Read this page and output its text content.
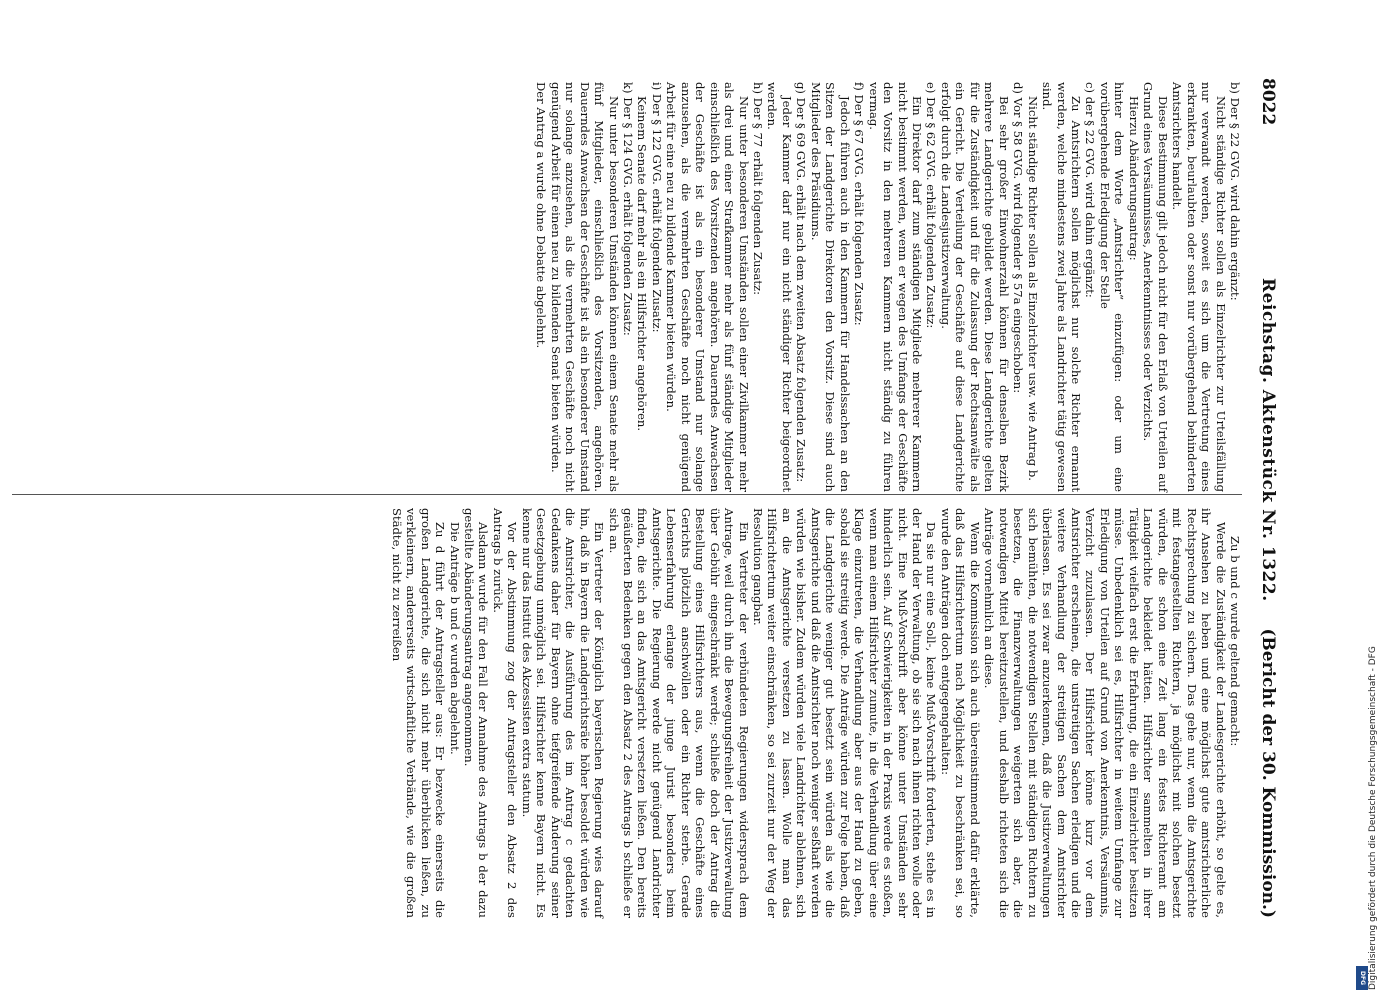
8022
Reichstag. Aktenstück Nr. 1322.
(Bericht der 30. Kommission.)

b) Der § 22 GVG. wird dahin ergänzt:

Nicht ständige Richter sollen als Einzelrichter zur Urteilsfällung nur verwandt werden, soweit es sich um die Vertretung eines erkrankten, beurlaubten oder sonst nur vorübergehend behinderten Amtsrichters handelt.

Diese Bestimmung gilt jedoch nicht für den Erlaß von Urteilen auf Grund eines Versäumnisses, Anerkenntnisses oder Verzichts.

Hierzu Abänderungsantrag:

hinter dem Worte „Amtsrichter“ einzufügen: oder um eine vorübergehende Erledigung der Stelle

c) der § 22 GVG. wird dahin ergänzt:

Zu Amtsrichtern sollen möglichst nur solche Richter ernannt werden, welche mindestens zwei Jahre als Landrichter tätig gewesen sind.

Nicht ständige Richter sollen als Einzelrichter usw. wie Antrag b.

d) Vor § 58 GVG. wird folgender § 57a eingeschoben:

Bei sehr großer Einwohnerzahl können für denselben Bezirk mehrere Landgerichte gebildet werden. Diese Landgerichte gelten für die Zuständigkeit und für die Zulassung der Rechtsanwälte als ein Gericht. Die Verteilung der Geschäfte auf diese Landgerichte erfolgt durch die Landesjustizverwaltung.

e) Der § 62 GVG. erhält folgenden Zusatz:

Ein Direktor darf zum ständigen Mitgliede mehrerer Kammern nicht bestimmt werden, wenn er wegen des Umfangs der Geschäfte den Vorsitz in den mehreren Kammern nicht ständig zu führen vermag.

f) Der § 67 GVG. erhält folgenden Zusatz:

Jedoch führen auch in den Kammern für Handelssachen an den Sitzen der Landgerichte Direktoren den Vorsitz. Diese sind auch Mitglieder des Präsidiums.

g) Der § 69 GVG. erhält nach dem zweiten Absatz folgenden Zusatz:

Jeder Kammer darf nur ein nicht ständiger Richter beigeordnet werden.

h) Der § 77 erhält folgenden Zusatz:

Nur unter besonderen Umständen sollen einer Zivilkammer mehr als drei und einer Strafkammer mehr als fünf ständige Mitglieder einschließlich des Vorsitzenden angehören. Dauerndes Anwachsen der Geschäfte ist als ein besonderer Umstand nur solange anzusehen, als die vermehrten Geschäfte noch nicht genügend Arbeit für eine neu zu bildende Kammer bieten würden.

i) Der § 122 GVG. erhält folgenden Zusatz:

Keinem Senate darf mehr als ein Hilfsrichter angehören.

k) Der § 124 GVG. erhält folgenden Zusatz:

Nur unter besonderen Umständen können einem Senate mehr als fünf Mitglieder, einschließlich des Vorsitzenden, angehören. Dauerndes Anwachsen der Geschäfte ist als ein besonderer Umstand nur solange anzusehen, als die vermehrten Geschäfte noch nicht genügend Arbeit für einen neu zu bildenden Senat bieten würden.

Der Antrag a wurde ohne Debatte abgelehnt.

Zu b und c wurde geltend gemacht:

Werde die Zuständigkeit der Landesgerichte erhöht, so gelte es, ihr Ansehen zu heben und eine möglichst gute amtsrichterliche Rechtsprechung zu sichern. Das gehe nur, wenn die Amtsgerichte mit festangestellten Richtern, ja möglichst mit solchen besetzt würden, die schon eine Zeit lang ein festes Richteramt am Landgerichte bekleidet hätten. Hilfsrichter sammelten in ihrer Tätigkeit vielfach erst die Erfahrung, die ein Einzelrichter besitzen müsse. Unbedenklich sei es, Hilfsrichter in weitem Umfange zur Erledigung von Urteilen auf Grund von Anerkenntnis, Versäumnis, Verzicht zuzulassen. Der Hilfsrichter könne kurz vor dem Amtsrichter erscheinen, die unstreitigen Sachen erledigen und die weitere Verhandlung der streitigen Sachen dem Amtsrichter überlassen. Es sei zwar anzuerkennen, daß die Justizverwaltungen sich bemühten, die notwendigen Stellen mit ständigen Richtern zu besetzen, die Finanzverwaltungen weigerten sich aber, die notwendigen Mittel bereitzustellen, und deshalb richteten sich die Anträge vornehmlich an diese.

Wenn die Kommission sich auch übereinstimmend dafür erklärte, daß das Hilfsrichtertum nach Möglichkeit zu beschränken sei, so wurde den Anträgen doch entgegengehalten:

Da sie nur eine Soll-, keine Muß-Vorschrift forderten, stehe es in der Hand der Verwaltung, ob sie sich nach ihnen richten wolle oder nicht. Eine Muß-Vorschrift aber könne unter Umständen sehr hinderlich sein. Auf Schwierigkeiten in der Praxis werde es stoßen, wenn man einem Hilfsrichter zumute, in die Verhandlung über eine Klage einzutreten, die Verhandlung aber aus der Hand zu geben, sobald sie streitig werde. Die Anträge würden zur Folge haben, daß die Landgerichte weniger gut besetzt sein würden als wie die Amtsgerichte und daß die Amtsrichter noch weniger seßhaft werden würden wie bisher. Zudem würden viele Landrichter ablehnen, sich an die Amtsgerichte versetzen zu lassen. Wolle man das Hilfsrichtertum weiter einschränken, so sei zurzeit nur der Weg der Resolution gangbar.

Ein Vertreter der verbündeten Regierungen widersprach dem Antrage, weil durch ihn die Bewegungsfreiheit der Justizverwaltung über Gebühr eingeschränkt werde; schließe doch der Antrag die Bestellung eines Hilfsrichters aus, wenn die Geschäfte eines Gerichts plötzlich anschwöllen oder ein Richter sterbe. Gerade Lebenserfahrung erlange der junge Jurist besonders beim Amtsgerichte. Die Regierung werde nicht genügend Landrichter finden, die sich an das Amtsgericht versetzen ließen. Den bereits geäußerten Bedenken gegen den Absatz 2 des Antrags b schließe er sich an.

Ein Vertreter der Königlich bayerischen Regierung wies darauf hin, daß in Bayern die Landgerichtsräte höher besoldet würden wie die Amtsrichter, die Ausführung des im Antrag c gedachten Gedankens daher für Bayern ohne tiefgreifende Änderung seiner Gesetzgebung unmöglich sei. Hilfsrichter kenne Bayern nicht. Es kenne nur das Institut des Akzessisten extra statum.

Vor der Abstimmung zog der Antragsteller den Absatz 2 des Antrags b zurück.

Alsdann wurde für den Fall der Annahme des Antrags b der dazu gestellte Abänderungsantrag angenommen.

Die Anträge b und c wurden abgelehnt.

Zu d führt der Antragsteller aus: Er bezwecke einerseits die großen Landgerichte, die sich nicht mehr überblicken ließen, zu verkleinern, andererseits wirtschaftliche Verbände, wie die großen Städte, nicht zu zerreißen

DFG Digitalisierung gefördert durch die Deutsche Forschungsgemeinschaft - DFG
